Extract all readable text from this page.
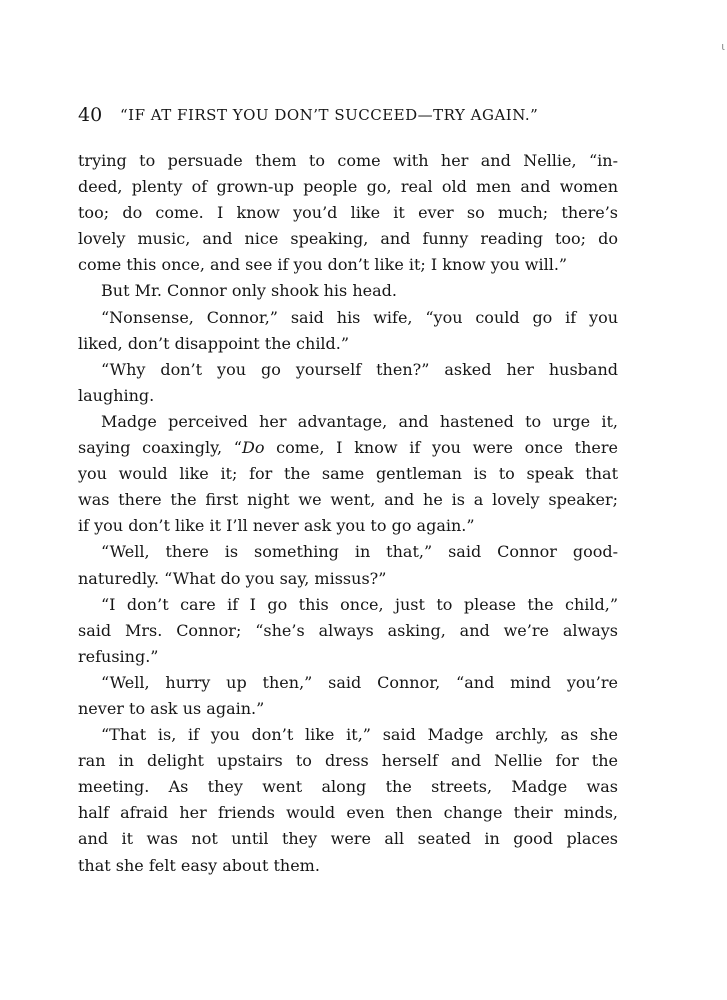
40 “IF AT FIRST YOU DON’T SUCCEED—TRY AGAIN.”
trying to persuade them to come with her and Nellie, “in-
deed, plenty of grown-up people go, real old men and women
too; do come. I know you’d like it ever so much; there’s
lovely music, and nice speaking, and funny reading too; do
come this once, and see if you don’t like it; I know you will.”
But Mr. Connor only shook his head.
“Nonsense, Connor,” said his wife, “you could go if you
liked, don’t disappoint the child.”
“Why don’t you go yourself then?” asked her husband
laughing.
Madge perceived her advantage, and hastened to urge it,
saying coaxingly, “Do come, I know if you were once there
you would like it; for the same gentleman is to speak that
was there the first night we went, and he is a lovely speaker;
if you don’t like it I’ll never ask you to go again.”
“Well, there is something in that,” said Connor good-
naturedly. “What do you say, missus?”
“I don’t care if I go this once, just to please the child,”
said Mrs. Connor; “she’s always asking, and we’re always
refusing.”
“Well, hurry up then,” said Connor, “and mind you’re
never to ask us again.”
“That is, if you don’t like it,” said Madge archly, as she
ran in delight upstairs to dress herself and Nellie for the
meeting. As they went along the streets, Madge was
half afraid her friends would even then change their minds,
and it was not until they were all seated in good places
that she felt easy about them.
ɩ
